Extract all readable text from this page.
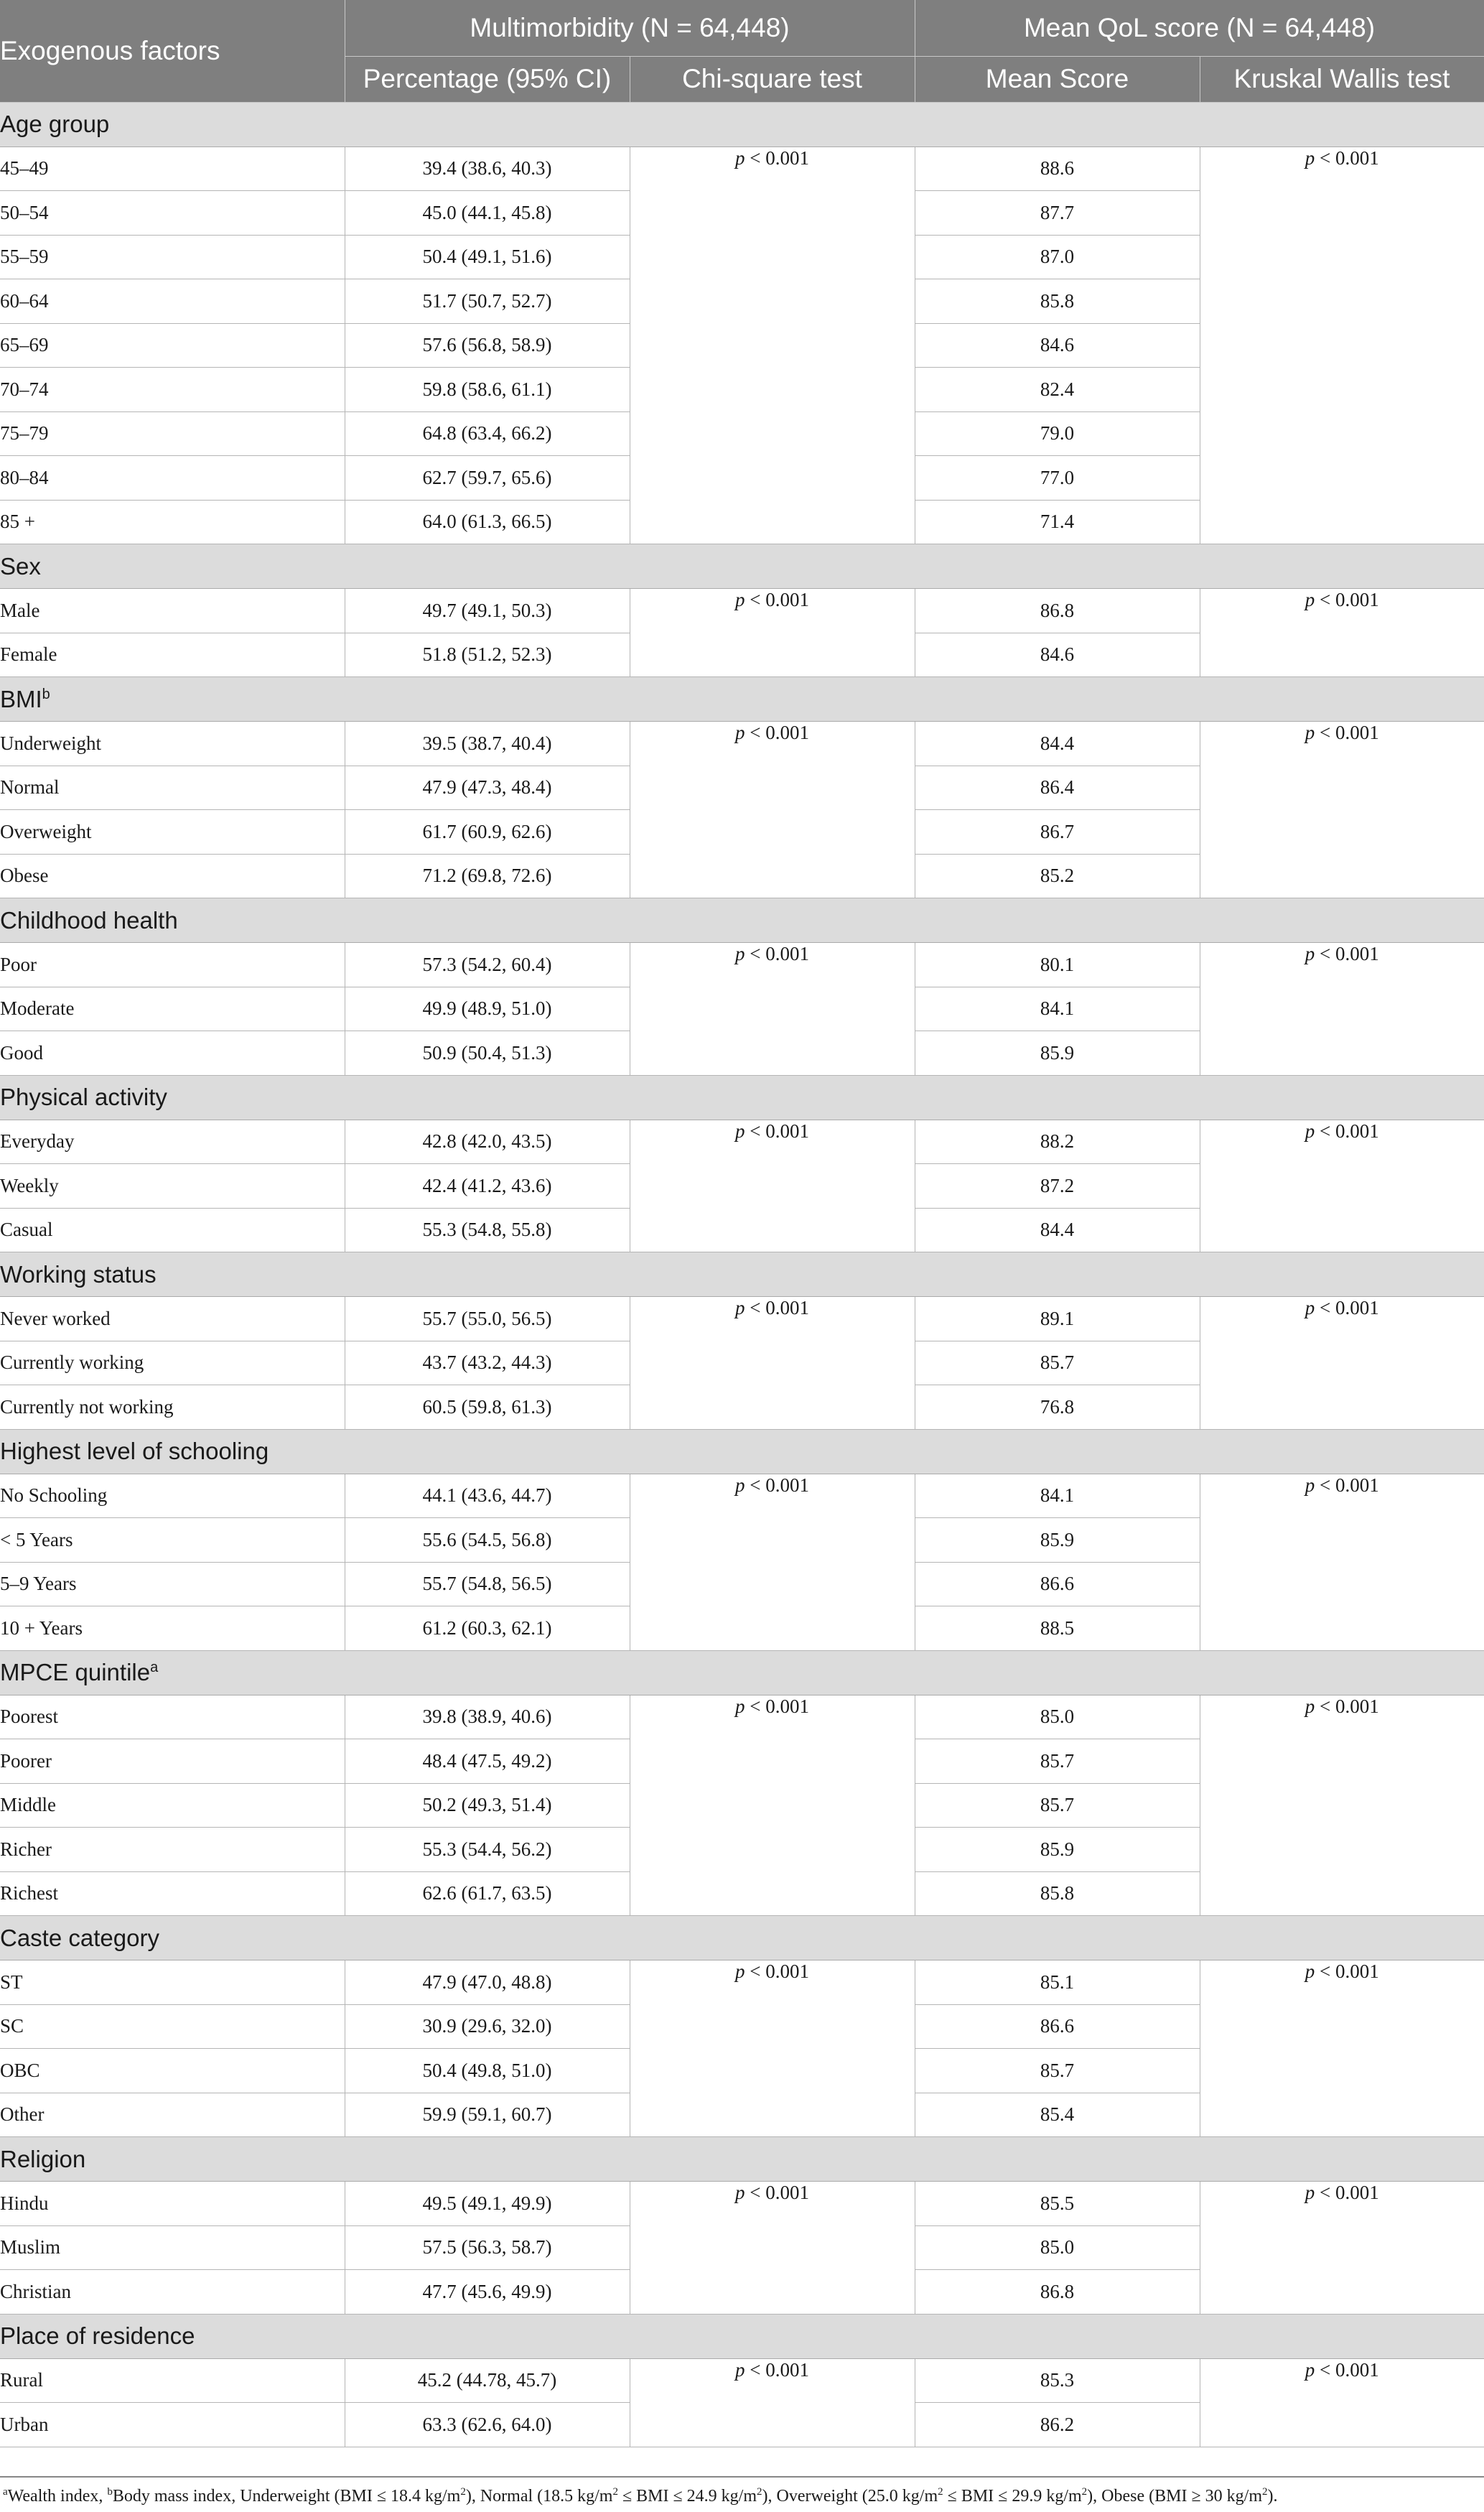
Exogenous factors	Multimorbidity (N = 64,448)		Mean QoL score (N = 64,448)	
	Percentage (95% CI)	Chi-square test	Mean Score	Kruskal Wallis test
Age group				
45–49	39.4 (38.6, 40.3)	p < 0.001	88.6	p < 0.001
50–54	45.0 (44.1, 45.8)		87.7	
55–59	50.4 (49.1, 51.6)		87.0	
60–64	51.7 (50.7, 52.7)		85.8	
65–69	57.6 (56.8, 58.9)		84.6	
70–74	59.8 (58.6, 61.1)		82.4	
75–79	64.8 (63.4, 66.2)		79.0	
80–84	62.7 (59.7, 65.6)		77.0	
85 +	64.0 (61.3, 66.5)		71.4	
Sex				
Male	49.7 (49.1, 50.3)	p < 0.001	86.8	p < 0.001
Female	51.8 (51.2, 52.3)		84.6	
BMI$^b$
Underweight	39.5 (38.7, 40.4)	p < 0.001	84.4	p < 0.001
Normal	47.9 (47.3, 48.4)		86.4	
Overweight	61.7 (60.9, 62.6)		86.7	
Obese	71.2 (69.8, 72.6)		85.2	
Childhood health				
Poor	57.3 (54.2, 60.4)	p < 0.001	80.1	p < 0.001
Moderate	49.9 (48.9, 51.0)		84.1	
Good	50.9 (50.4, 51.3)		85.9	
Physical activity				
Everyday	42.8 (42.0, 43.5)	p < 0.001	88.2	p < 0.001
Weekly	42.4 (41.2, 43.6)		87.2	
Casual	55.3 (54.8, 55.8)		84.4	
Working status				
Never worked	55.7 (55.0, 56.5)	p < 0.001	89.1	p < 0.001
Currently working	43.7 (43.2, 44.3)		85.7	
Currently not working	60.5 (59.8, 61.3)		76.8	
Highest level of schooling				
No Schooling	44.1 (43.6, 44.7)	p < 0.001	84.1	p < 0.001
< 5 Years	55.6 (54.5, 56.8)		85.9	
5–9 Years	55.7 (54.8, 56.5)		86.6	
10 + Years	61.2 (60.3, 62.1)		88.5	
MPCE quintile$^a$
Poorest	39.8 (38.9, 40.6)	p < 0.001	85.0	p < 0.001
Poorer	48.4 (47.5, 49.2)		85.7	
Middle	50.2 (49.3, 51.4)		85.7	
Richer	55.3 (54.4, 56.2)		85.9	
Richest	62.6 (61.7, 63.5)		85.8	
Caste category				
ST	47.9 (47.0, 48.8)	p < 0.001	85.1	p < 0.001
SC	30.9 (29.6, 32.0)		86.6	
OBC	50.4 (49.8, 51.0)		85.7	
Other	59.9 (59.1, 60.7)		85.4	
Religion				
Hindu	49.5 (49.1, 49.9)	p < 0.001	85.5	p < 0.001
Muslim	57.5 (56.3, 58.7)		85.0	
Christian	47.7 (45.6, 49.9)		86.8	
Place of residence				
Rural	45.2 (44.78, 45.7)	p < 0.001	85.3	p < 0.001
Urban	63.3 (62.6, 64.0)		86.2	
$^a$Wealth index, $^b$Body mass index, Underweight (BMI ≤ 18.4 $kg/m^2$), Normal (18.5 $kg/m^2$ ≤ BMI ≤ 24.9 $kg/m^2$), Overweight (25.0 $kg/m^2$ ≤ BMI ≤ 29.9 $kg/m^2$), Obese (BMI ≥ 30 $kg/m^2$).
